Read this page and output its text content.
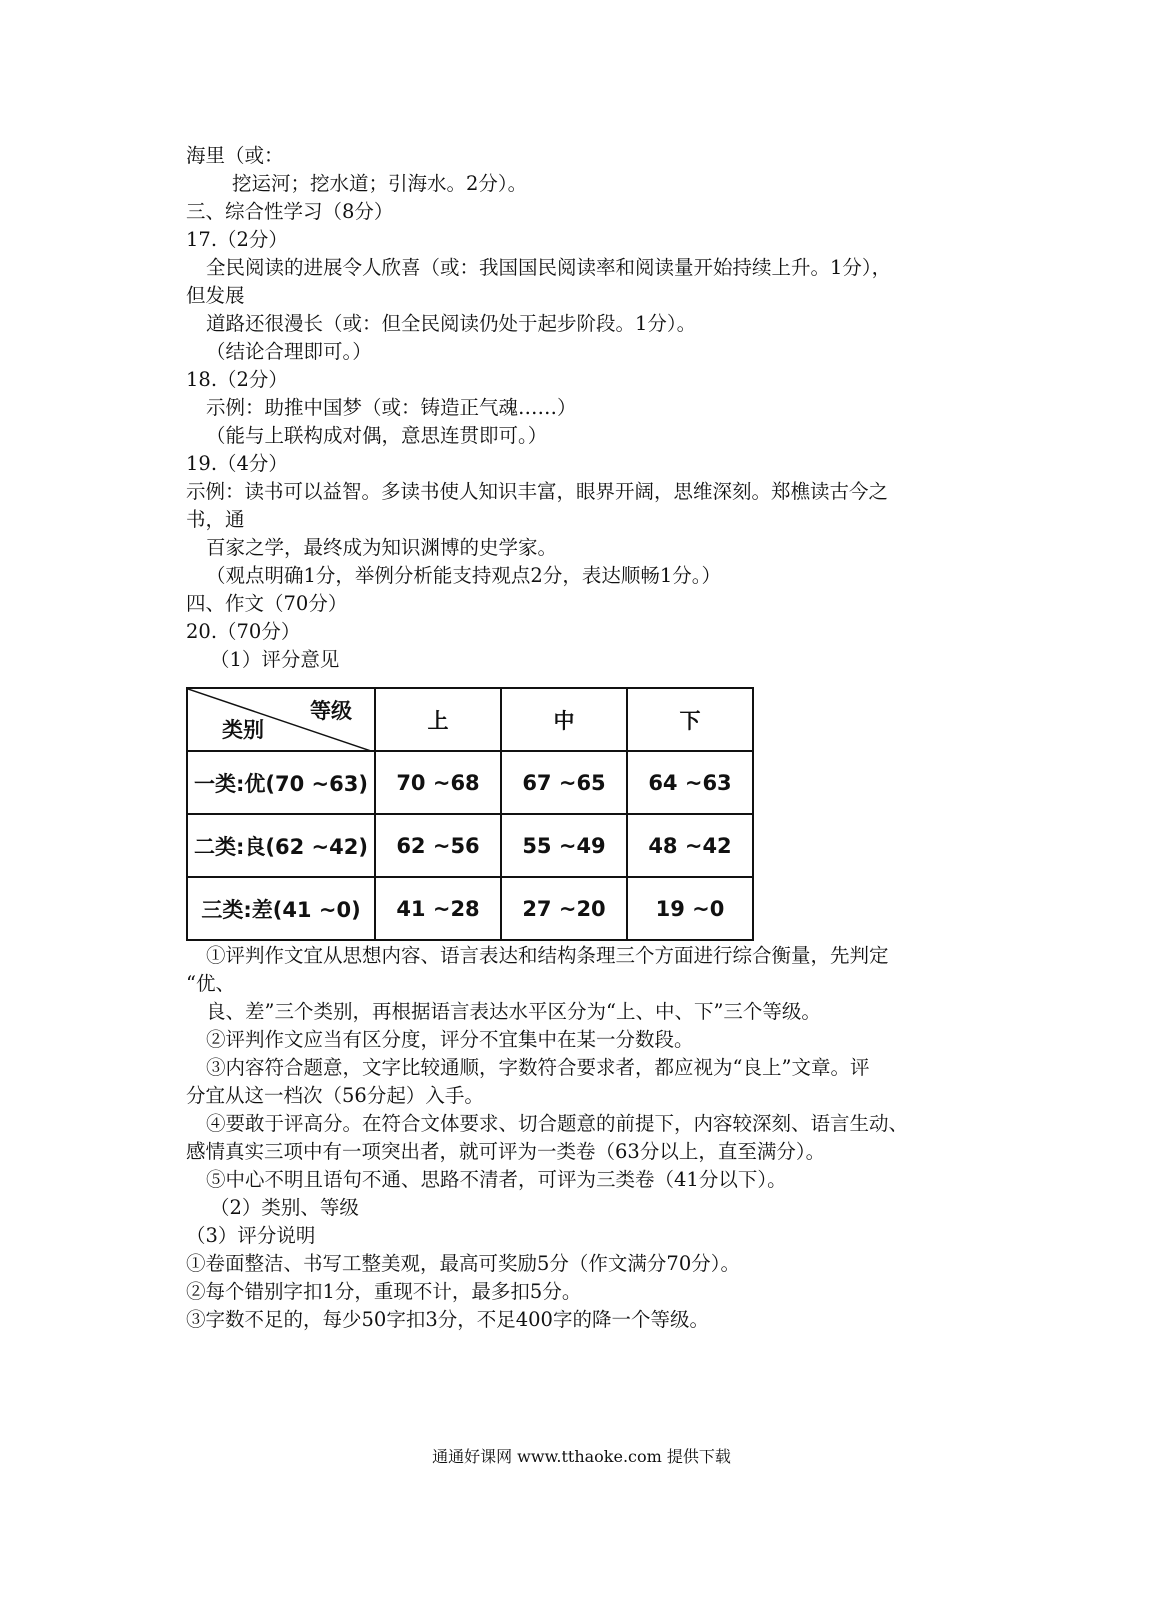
海里（或：
挖运河；挖水道；引海水。2分）。
三、综合性学习（8分）
17.（2分）
全民阅读的进展令人欣喜（或：我国国民阅读率和阅读量开始持续上升。1分），
但发展
道路还很漫长（或：但全民阅读仍处于起步阶段。1分）。
（结论合理即可。）
18.（2分）
示例：助推中国梦（或：铸造正气魂……）
（能与上联构成对偶，意思连贯即可。）
19.（4分）
示例：读书可以益智。多读书使人知识丰富，眼界开阔，思维深刻。郑樵读古今之
书，通
百家之学，最终成为知识渊博的史学家。
（观点明确1分，举例分析能支持观点2分，表达顺畅1分。）
四、作文（70分）
20.（70分）
（1）评分意见
等级
类别	上	中	下
一类:优(70 ~63)	70 ~68	67 ~65	64 ~63
二类:良(62 ~42)	62 ~56	55 ~49	48 ~42
三类:差(41 ~0)	41 ~28	27 ~20	19 ~0
①评判作文宜从思想内容、语言表达和结构条理三个方面进行综合衡量，先判定
“优、
良、差”三个类别，再根据语言表达水平区分为“上、中、下”三个等级。
②评判作文应当有区分度，评分不宜集中在某一分数段。
③内容符合题意，文字比较通顺，字数符合要求者，都应视为“良上”文章。评
分宜从这一档次（56分起）入手。
④要敢于评高分。在符合文体要求、切合题意的前提下，内容较深刻、语言生动、
感情真实三项中有一项突出者，就可评为一类卷（63分以上，直至满分）。
⑤中心不明且语句不通、思路不清者，可评为三类卷（41分以下）。
（2）类别、等级
（3）评分说明
①卷面整洁、书写工整美观，最高可奖励5分（作文满分70分）。
②每个错别字扣1分，重现不计，最多扣5分。
③字数不足的，每少50字扣3分，不足400字的降一个等级。
通通好课网 www.tthaoke.com 提供下载
